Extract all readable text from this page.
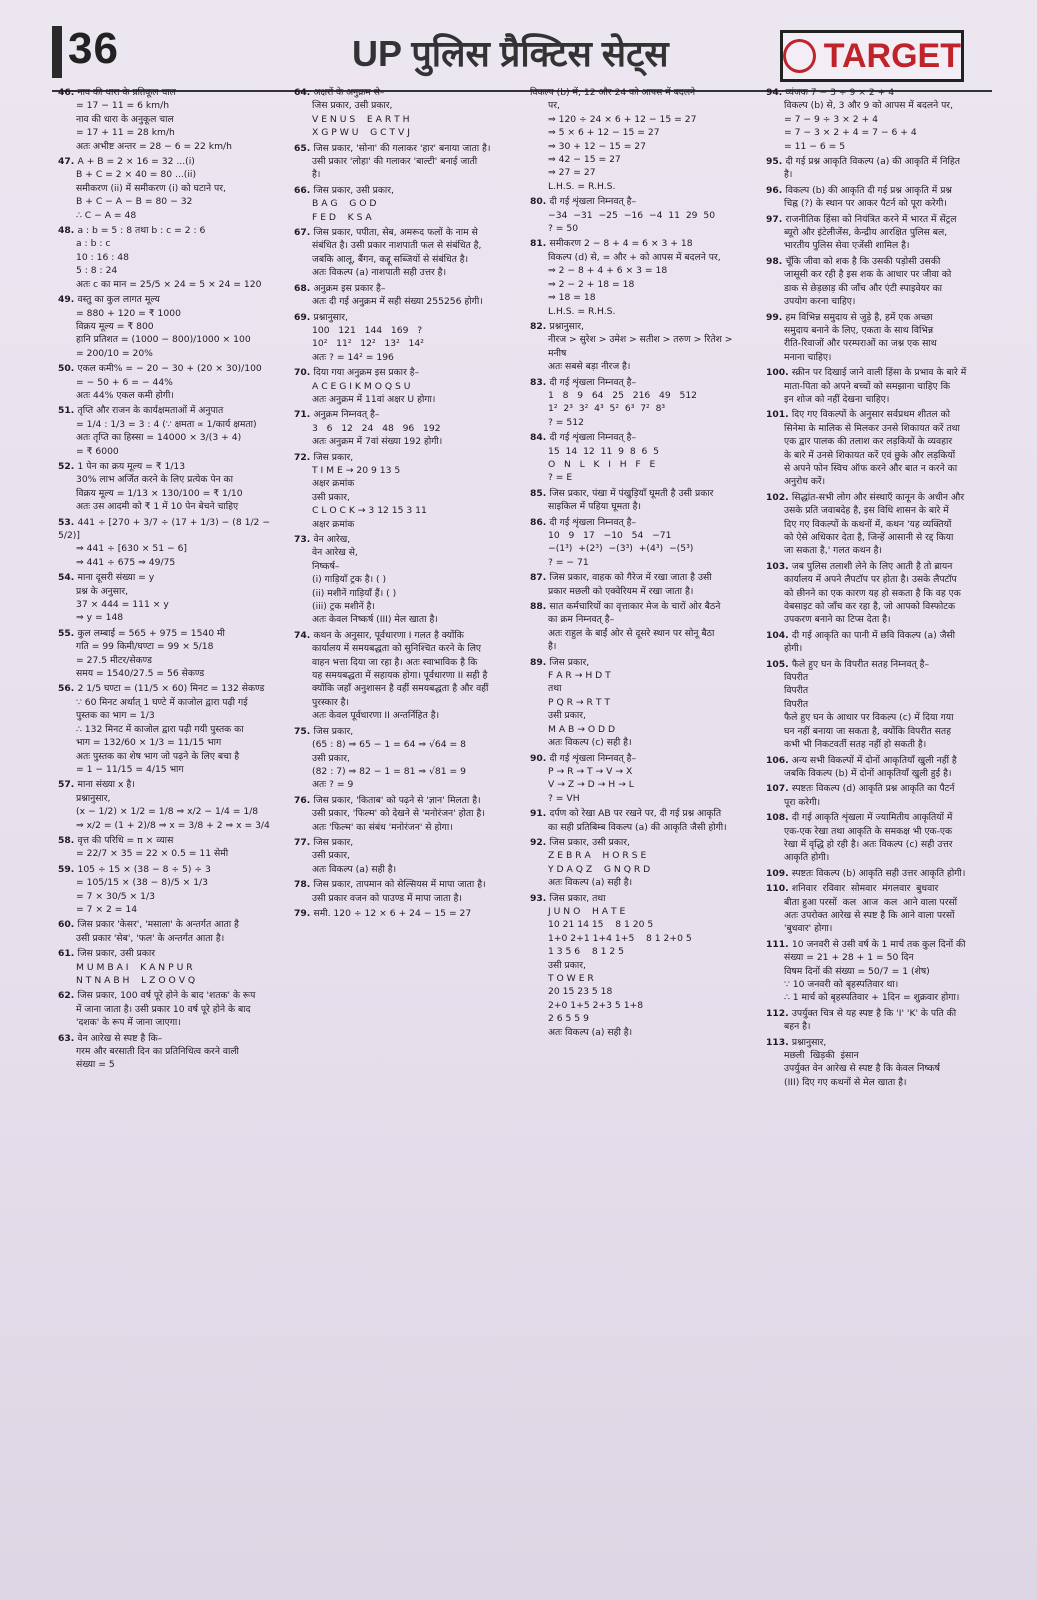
36	UP पुलिस प्रैक्टिस सेट्स	TARGET
46. नाव की धारा के प्रतिकूल चाल
= 17 − 11 = 6 km/h
नाव की धारा के अनुकूल चाल
= 17 + 11 = 28 km/h
अतः अभीष्ट अन्तर = 28 − 6 = 22 km/h
47. A + B = 2 × 16 = 32 ...(i)
B + C = 2 × 40 = 80 ...(ii)
समीकरण (ii) में समीकरण (i) को घटाने पर,
B + C − A − B = 80 − 32
∴ C − A = 48
48. a : b = 5 : 8 तथा b : c = 2 : 6
a : b : c
10 : 16 : 48
5 : 8 : 24
अतः c का मान = 25/5 × 24 = 5 × 24 = 120
49. वस्तु का कुल लागत मूल्य
= 880 + 120 = ₹ 1000
विक्रय मूल्य = ₹ 800
हानि प्रतिशत = (1000 − 800)/1000 × 100
= 200/10 = 20%
50. एकल कमी% = − 20 − 30 + (20 × 30)/100
= − 50 + 6 = − 44%
अतः 44% एकल कमी होगी।
51. तृप्ति और राजन के कार्यक्षमताओं में अनुपात
= 1/4 : 1/3 = 3 : 4 (∵ क्षमता ∝ 1/कार्य क्षमता)
अतः तृप्ति का हिस्सा = 14000 × 3/(3 + 4)
= ₹ 6000
52. 1 पेन का क्रय मूल्य = ₹ 1/13
30% लाभ अर्जित करने के लिए प्रत्येक पेन का
विक्रय मूल्य = 1/13 × 130/100 = ₹ 1/10
अतः उस आदमी को ₹ 1 में 10 पेन बेचने चाहिए
53. 441 ÷ [270 + 3/7 ÷ (17 + 1/3) − (8 1/2 − 5/2)]
⇒ 441 ÷ [630 × 51 − 6]
⇒ 441 ÷ 675 ⇒ 49/75
54. माना दूसरी संख्या = y
प्रश्न के अनुसार,
37 × 444 = 111 × y
⇒ y = 148
55. कुल लम्बाई = 565 + 975 = 1540 मी
गति = 99 किमी/घण्टा = 99 × 5/18
= 27.5 मीटर/सेकण्ड
समय = 1540/27.5 = 56 सेकण्ड
56. 2 1/5 घण्टा = (11/5 × 60) मिनट = 132 सेकण्ड
∵ 60 मिनट अर्थात् 1 घण्टे में काजोल द्वारा पढ़ी गई
पुस्तक का भाग = 1/3
∴ 132 मिनट में काजोल द्वारा पढ़ी गयी पुस्तक का
भाग = 132/60 × 1/3 = 11/15 भाग
अतः पुस्तक का शेष भाग जो पढ़ने के लिए बचा है
= 1 − 11/15 = 4/15 भाग
57. माना संख्या x है।
प्रश्नानुसार,
(x − 1/2) × 1/2 = 1/8 ⇒ x/2 − 1/4 = 1/8
⇒ x/2 = (1 + 2)/8 ⇒ x = 3/8 + 2 ⇒ x = 3/4
58. वृत्त की परिधि = π × व्यास
= 22/7 × 35 = 22 × 0.5 = 11 सेमी
59. 105 ÷ 15 × (38 − 8 ÷ 5) ÷ 3
= 105/15 × (38 − 8)/5 × 1/3
= 7 × 30/5 × 1/3
= 7 × 2 = 14
60. जिस प्रकार 'केसर', 'मसाला' के अन्तर्गत आता है
उसी प्रकार 'सेब', 'फल' के अन्तर्गत आता है।
61. जिस प्रकार, उसी प्रकार
M U M B A I    K A N P U R
N T N A B H    L Z O O V Q
62. जिस प्रकार, 100 वर्ष पूरे होने के बाद 'शतक' के रूप
में जाना जाता है। उसी प्रकार 10 वर्ष पूरे होने के बाद
'दशक' के रूप में जाना जाएगा।
63. वेन आरेख से स्पष्ट है कि–
गरम और बरसाती दिन का प्रतिनिधित्व करने वाली
संख्या = 5
64. अक्षरों के अनुक्रम से–
जिस प्रकार, उसी प्रकार,
V E N U S    E A R T H
X G P W U    G C T V J
65. जिस प्रकार, 'सोना' की गलाकर 'हार' बनाया जाता है।
उसी प्रकार 'लोहा' की गलाकर 'बाल्टी' बनाई जाती
है।
66. जिस प्रकार, उसी प्रकार,
B A G    G O D
F E D    K S A
67. जिस प्रकार, पपीता, सेब, अमरूद फलों के नाम से
संबंधित है। उसी प्रकार नाशपाती फल से संबंधित है,
जबकि आलू, बैंगन, कद्दू सब्जियों से संबंधित है।
अतः विकल्प (a) नाशपाती सही उत्तर है।
68. अनुक्रम इस प्रकार है–
अतः दी गई अनुक्रम में सही संख्या 255256 होगी।
69. प्रश्नानुसार,
100   121   144   169   ?
10²   11²   12²   13²   14²
अतः ? = 14² = 196
70. दिया गया अनुक्रम इस प्रकार है–
A C E G I K M O Q S U
अतः अनुक्रम में 11वां अक्षर U होगा।
71. अनुक्रम निम्नवत् है–
3   6   12   24   48   96   192
अतः अनुक्रम में 7वां संख्या 192 होगी।
72. जिस प्रकार,
T I M E → 20 9 13 5
अक्षर क्रमांक
उसी प्रकार,
C L O C K → 3 12 15 3 11
अक्षर क्रमांक
73. वेन आरेख,
वेन आरेख से,
निष्कर्ष–
(i) गाड़ियाँ ट्रक है। ( )
(ii) मशीनें गाड़ियाँ हैं। ( )
(iii) ट्रक मशीनें है।
अतः केवल निष्कर्ष (III) मेल खाता है।
74. कथन के अनुसार, पूर्वधारणा I गलत है क्योंकि
कार्यालय में समयबद्धता को सुनिश्चित करने के लिए
वाहन भत्ता दिया जा रहा है। अतः स्वाभाविक है कि
यह समयबद्धता में सहायक होगा। पूर्वधारणा II सही है
क्योंकि जहाँ अनुशासन है वहीं समयबद्धता है और वहीं
पुरस्कार है।
अतः केवल पूर्वधारणा II अन्तर्निहित है।
75. जिस प्रकार,
(65 : 8) ⇒ 65 − 1 = 64 ⇒ √64 = 8
उसी प्रकार,
(82 : 7) ⇒ 82 − 1 = 81 ⇒ √81 = 9
अतः ? = 9
76. जिस प्रकार, 'किताब' को पढ़ने से 'ज्ञान' मिलता है।
उसी प्रकार, 'फिल्म' को देखने से 'मनोरंजन' होता है।
अतः 'फिल्म' का संबंध 'मनोरंजन' से होगा।
77. जिस प्रकार,
उसी प्रकार,
अतः विकल्प (a) सही है।
78. जिस प्रकार, तापमान को सेल्सियस में मापा जाता है।
उसी प्रकार वजन को पाउण्ड में मापा जाता है।
79. समी. 120 ÷ 12 × 6 + 24 − 15 = 27
विकल्प (b) में, 12 और 24 को आपस में बदलने
पर,
⇒ 120 ÷ 24 × 6 + 12 − 15 = 27
⇒ 5 × 6 + 12 − 15 = 27
⇒ 30 + 12 − 15 = 27
⇒ 42 − 15 = 27
⇒ 27 = 27
L.H.S. = R.H.S.
80. दी गई शृंखला निम्नवत् है–
−34  −31  −25  −16  −4  11  29  50
? = 50
81. समीकरण 2 − 8 + 4 = 6 × 3 + 18
विकल्प (d) से, = और + को आपस में बदलने पर,
⇒ 2 − 8 + 4 + 6 × 3 = 18
⇒ 2 − 2 + 18 = 18
⇒ 18 = 18
L.H.S. = R.H.S.
82. प्रश्नानुसार,
नीरज > सुरेश > उमेश > सतीश > तरुण > रितेश >
मनीष
अतः सबसे बड़ा नीरज है।
83. दी गई शृंखला निम्नवत् है–
1   8   9   64   25   216   49   512
1²  2³  3²  4³  5²  6³  7²  8³
? = 512
84. दी गई शृंखला निम्नवत् है–
15  14  12  11  9  8  6  5
O   N   L   K   I   H   F   E
? = E
85. जिस प्रकार, पंखा में पंखुड़ियाँ घूमती है उसी प्रकार
साइकिल में पहिया घूमता है।
86. दी गई शृंखला निम्नवत् है–
10   9   17   −10   54   −71
−(1³)  +(2³)  −(3³)  +(4³)  −(5³)
? = − 71
87. जिस प्रकार, वाहक को गैरेज में रखा जाता है उसी
प्रकार मछली को एक्वेरियम में रखा जाता है।
88. सात कर्मचारियों का वृत्ताकार मेज के चारों ओर बैठने
का क्रम निम्नवत् है–
अतः राहुल के बाईं ओर से दूसरे स्थान पर सोनू बैठा
है।
89. जिस प्रकार,
F A R → H D T
तथा
P Q R → R T T
उसी प्रकार,
M A B → O D D
अतः विकल्प (c) सही है।
90. दी गई शृंखला निम्नवत् है–
P → R → T → V → X
V → Z → D → H → L
? = VH
91. दर्पण को रेखा AB पर रखने पर, दी गई प्रश्न आकृति
का सही प्रतिबिम्ब विकल्प (a) की आकृति जैसी होगी।
92. जिस प्रकार, उसी प्रकार,
Z E B R A    H O R S E
Y D A Q Z    G N Q R D
अतः विकल्प (a) सही है।
93. जिस प्रकार, तथा
J U N O    H A T E
10 21 14 15    8 1 20 5
1+0 2+1 1+4 1+5    8 1 2+0 5
1 3 5 6    8 1 2 5
उसी प्रकार,
T O W E R
20 15 23 5 18
2+0 1+5 2+3 5 1+8
2 6 5 5 9
अतः विकल्प (a) सही है।
94. व्यंजक 7 − 3 ÷ 9 × 2 + 4
विकल्प (b) से, 3 और 9 को आपस में बदलने पर,
= 7 − 9 ÷ 3 × 2 + 4
= 7 − 3 × 2 + 4 = 7 − 6 + 4
= 11 − 6 = 5
95. दी गई प्रश्न आकृति विकल्प (a) की आकृति में निहित
है।
96. विकल्प (b) की आकृति दी गई प्रश्न आकृति में प्रश्न
चिह्न (?) के स्थान पर आकर पैटर्न को पूरा करेगी।
97. राजनीतिक हिंसा को नियंत्रित करने में भारत में सेंट्रल
ब्यूरो और इंटेलीजेंस, केन्द्रीय आरक्षित पुलिस बल,
भारतीय पुलिस सेवा एजेंसी शामिल है।
98. चूँकि जीवा को शक है कि उसकी पड़ोसी उसकी
जासूसी कर रही है इस शक के आधार पर जीवा को
डाक से छेड़छाड़ की जाँच और एंटी स्पाइवेयर का
उपयोग करना चाहिए।
99. हम विभिन्न समुदाय से जुड़े है, हमें एक अच्छा
समुदाय बनाने के लिए, एकता के साथ विभिन्न
रीति-रिवाजों और परम्पराओं का जश्न एक साथ
मनाना चाहिए।
100. स्क्रीन पर दिखाई जाने वाली हिंसा के प्रभाव के बारे में
माता-पिता को अपने बच्चों को समझाना चाहिए कि
इन शोज को नहीं देखना चाहिए।
101. दिए गए विकल्पों के अनुसार सर्वप्रथम शीतल को
सिनेमा के मालिक से मिलकर उनसे शिकायत करें तथा
एक द्वार पालक की तलाश कर लड़कियों के व्यवहार
के बारे में उनसे शिकायत करें एवं छुके और लड़कियों
से अपने फोन स्विच ऑफ करने और बात न करने का
अनुरोध करें।
102. सिद्धांत-सभी लोग और संस्थाएँ कानून के अधीन और
उसके प्रति जवाबदेह है, इस विधि शासन के बारे में
दिए गए विकल्पों के कथनों में, कथन 'यह व्यक्तियों
को ऐसे अधिकार देता है, जिन्हें आसानी से रद्द किया
जा सकता है,' गलत कथन है।
103. जब पुलिस तलाशी लेने के लिए आती है तो ब्रायन
कार्यालय में अपने लैपटॉप पर होता है। उसके लैपटॉप
को छीनने का एक कारण यह हो सकता है कि वह एक
वेबसाइट को जाँच कर रहा है, जो आपको विस्फोटक
उपकरण बनाने का टिप्स देता है।
104. दी गई आकृति का पानी में छवि विकल्प (a) जैसी
होगी।
105. फैले हुए घन के विपरीत सतह निम्नवत् है–
विपरीत
विपरीत
विपरीत
फैले हुए घन के आधार पर विकल्प (c) में दिया गया
घन नहीं बनाया जा सकता है, क्योंकि विपरीत सतह
कभी भी निकटवर्ती सतह नहीं हो सकती है।
106. अन्य सभी विकल्पों में दोनों आकृतियाँ खुली नहीं है
जबकि विकल्प (b) में दोनों आकृतियाँ खुली हुई है।
107. स्पष्टतः विकल्प (d) आकृति प्रश्न आकृति का पैटर्न
पूरा करेगी।
108. दी गई आकृति शृंखला में ज्यामितीय आकृतियों में
एक-एक रेखा तथा आकृति के समकक्ष भी एक-एक
रेखा में वृद्धि हो रही है। अतः विकल्प (c) सही उत्तर
आकृति होगी।
109. स्पष्टतः विकल्प (b) आकृति सही उत्तर आकृति होगी।
110. शनिवार  रविवार  सोमवार  मंगलवार  बुधवार
बीता हुआ परसों  कल  आज  कल  आने वाला परसों
अतः उपरोक्त आरेख से स्पष्ट है कि आने वाला परसों
'बुधवार' होगा।
111. 10 जनवरी से उसी वर्ष के 1 मार्च तक कुल दिनों की
संख्या = 21 + 28 + 1 = 50 दिन
विषम दिनों की संख्या = 50/7 = 1 (शेष)
∵ 10 जनवरी को बृहस्पतिवार था।
∴ 1 मार्च को बृहस्पतिवार + 1दिन = शुक्रवार होगा।
112. उपर्युक्त चित्र से यह स्पष्ट है कि 'I' 'K' के पति की
बहन है।
113. प्रश्नानुसार,
मछली  खिड़की  इंसान
उपर्युक्त वेन आरेख से स्पष्ट है कि केवल निष्कर्ष
(III) दिए गए कथनों से मेल खाता है।
